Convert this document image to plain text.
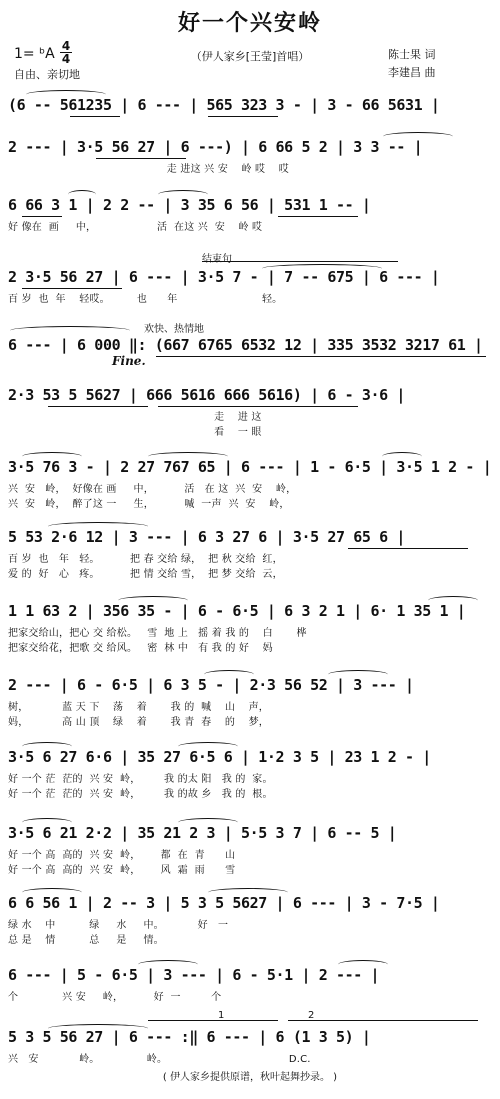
好一个兴安岭
1= ᵇA 4
4
自由、亲切地
（伊人家乡[王莹]首唱）	陈士果 词
李建昌 曲
(6 ‑‑ 561235 | 6 ‑‑‑ | 565 323 3 ‑ | 3 ‑ 66 5631 |
2 ‑‑‑ | 3·5 56 27 | 6 ‑‑‑) | 6 66 5 2 | 3 3 ‑‑ |
走 进这 兴 安    岭 哎    哎
6 66 3 1 | 2 2 ‑‑ | 3 35 6 56 | 531 1 ‑‑ |
好 像在  画     中，                  活  在这 兴  安    岭 哎
结束句
2 3·5 56 27 | 6 ‑‑‑ | 3·5 7 ‑ | 7 ‑‑ 675 | 6 ‑‑‑ |
百 岁  也  年    轻哎。        也      年                         轻。
欢快、热情地
6 ‑‑‑ | 6 000 ‖: (667 6765 6532 12 | 335 3532 3217 61 |
Fine.
2·3 53 5 5627 | 666 5616 666 5616) | 6 ‑ 3·6 |
走    进 这
看    一 眼
3·5 76 3 ‑ | 2 27 767 65 | 6 ‑‑‑ | 1 ‑ 6·5 | 3·5 1 2 ‑ |
兴  安   岭，  好像在 画     中，         活   在 这  兴  安    岭，
兴  安   岭，  醉了这 一     生，         喊  一声  兴  安    岭，
5 53 2·6 12 | 3 ‑‑‑ | 6 3 27 6 | 3·5 27 65 6 |
百 岁  也   年   轻。         把 春 交给 绿，  把 秋 交给  红，
爱 的  好   心   疼。         把 情 交给 雪，  把 梦 交给  云，
1 1 63 2 | 356 35 ‑ | 6 ‑ 6·5 | 6 3 2 1 | 6· 1 35 1 |
把家交给山，把心 交 给松。   雪  地 上   摇 着 我 的    白       桦
把家交给花，把歌 交 给风。   密  林 中   有 我 的 好    妈
2 ‑‑‑ | 6 ‑ 6·5 | 6 3 5 ‑ | 2·3 56 52 | 3 ‑‑‑ |
树，          蓝 天 下    荡    着       我 的  喊    山    声，
妈，          高 山 顶    绿    着       我 青  春    的    梦，
3·5 6 27 6·6 | 35 27 6·5 6 | 1·2 3 5 | 23 1 2 ‑ |
好 一个 茫  茫的  兴 安  岭，       我 的太 阳   我 的  家。
好 一个 茫  茫的  兴 安  岭，       我 的故 乡   我 的  根。
3·5 6 21 2·2 | 35 21 2 3 | 5·5 3 7 | 6 ‑‑ 5 |
好 一个 高  高的  兴 安  岭，      都  在  青      山
好 一个 高  高的  兴 安  岭，      风  霜  雨      雪
6 6 56 1 | 2 ‑‑ 3 | 5 3 5 5627 | 6 ‑‑‑ | 3 ‑ 7·5 |
绿 水    中          绿     水     中。          好   一
总 是    情          总     是     情。
6 ‑‑‑ | 5 ‑ 6·5 | 3 ‑‑‑ | 6 ‑ 5·1 | 2 ‑‑‑ |
个             兴 安     岭，         好  一         个
1	2
5 3 5 56 27 | 6 ‑‑‑ :‖ 6 ‑‑‑ | 6 (1 3 5) |
兴   安            岭。              岭。                                    D.C.
( 伊人家乡提供原谱，秋叶起舞抄录。 )
